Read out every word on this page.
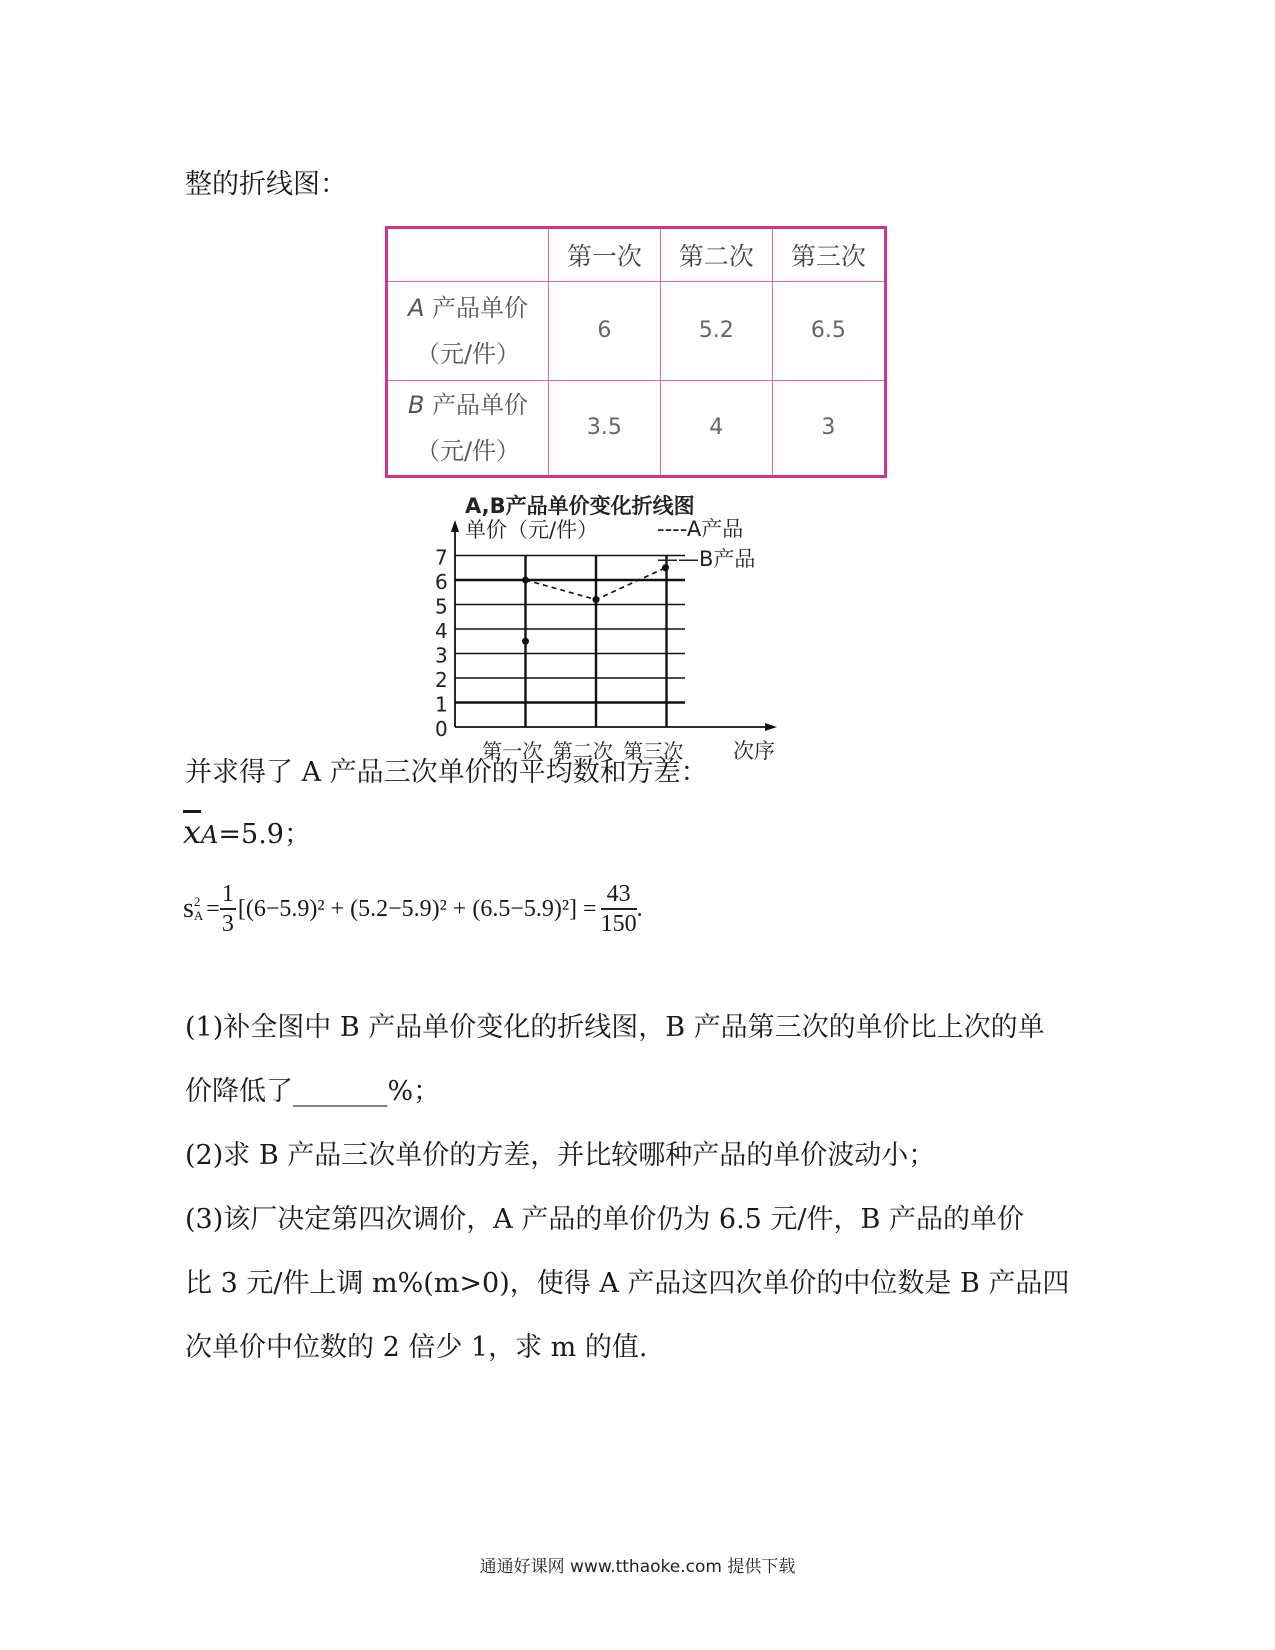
整的折线图：
	第一次	第二次	第三次
A 产品单价
（元/件）	6	5.2	6.5
B 产品单价
（元/件）	3.5	4	3
A,B产品单价变化折线图
单价（元/件）
0
1
2
3
4
5
6
7
第一次 第二次 第三次 次序
----A产品
——B产品
并求得了 A 产品三次单价的平均数和方差：
$\overline{x}A=5.9$；
s 2
$A = \frac{1}{3} [(6-5.9)^2 + (5.2-5.9)^2 + (6.5-5.9)^2] = \frac{43}{150}$ .
(1)补全图中 B 产品单价变化的折线图，B 产品第三次的单价比上次的单
价降低了_______%；
(2)求 B 产品三次单价的方差，并比较哪种产品的单价波动小；
(3)该厂决定第四次调价，A 产品的单价仍为 6.5 元/件，B 产品的单价
比 3 元/件上调 m%(m>0)，使得 A 产品这四次单价的中位数是 B 产品四
次单价中位数的 2 倍少 1，求 m 的值.
通通好课网 www.tthaoke.com 提供下载
